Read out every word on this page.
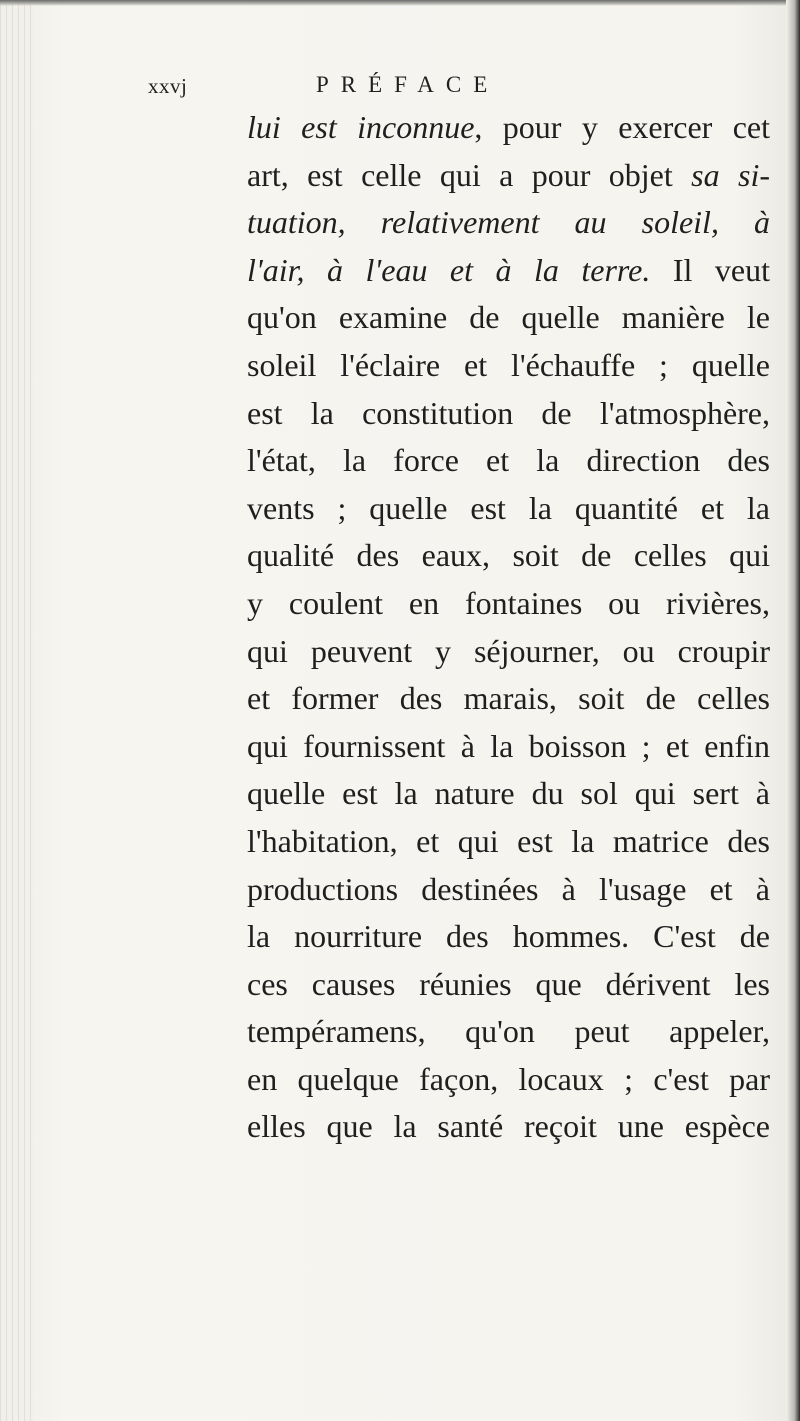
xxvj	PRÉFACE
lui est inconnue, pour y exercer cet
art, est celle qui a pour objet sa si-
tuation, relativement au soleil, à
l'air, à l'eau et à la terre. Il veut
qu'on examine de quelle manière le
soleil l'éclaire et l'échauffe ; quelle
est la constitution de l'atmosphère,
l'état, la force et la direction des
vents ; quelle est la quantité et la
qualité des eaux, soit de celles qui
y coulent en fontaines ou rivières,
qui peuvent y séjourner, ou croupir
et former des marais, soit de celles
qui fournissent à la boisson ; et enfin
quelle est la nature du sol qui sert à
l'habitation, et qui est la matrice des
productions destinées à l'usage et à
la nourriture des hommes. C'est de
ces causes réunies que dérivent les
tempéramens, qu'on peut appeler,
en quelque façon, locaux ; c'est par
elles que la santé reçoit une espèce
